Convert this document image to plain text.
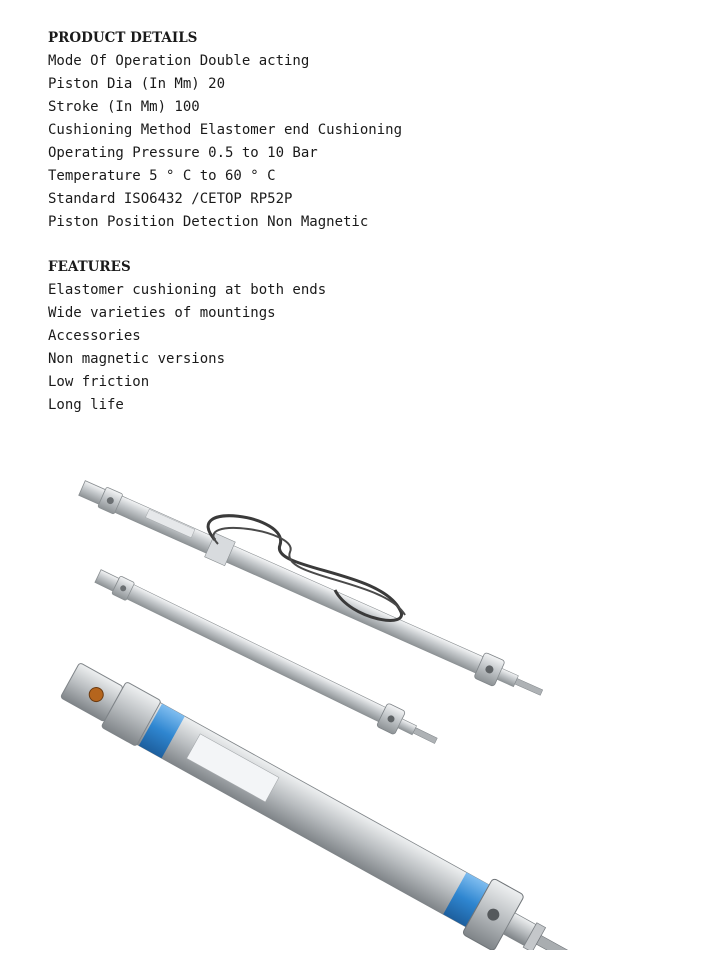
PRODUCT DETAILS
Mode Of Operation Double acting
Piston Dia (In Mm) 20
Stroke (In Mm) 100
Cushioning Method Elastomer end Cushioning
Operating Pressure 0.5 to 10 Bar
Temperature 5 ° C to 60 ° C
Standard ISO6432 /CETOP RP52P
Piston Position Detection Non Magnetic
FEATURES
Elastomer cushioning at both ends
Wide varieties of mountings
Accessories
Non magnetic versions
Low friction
Long life
